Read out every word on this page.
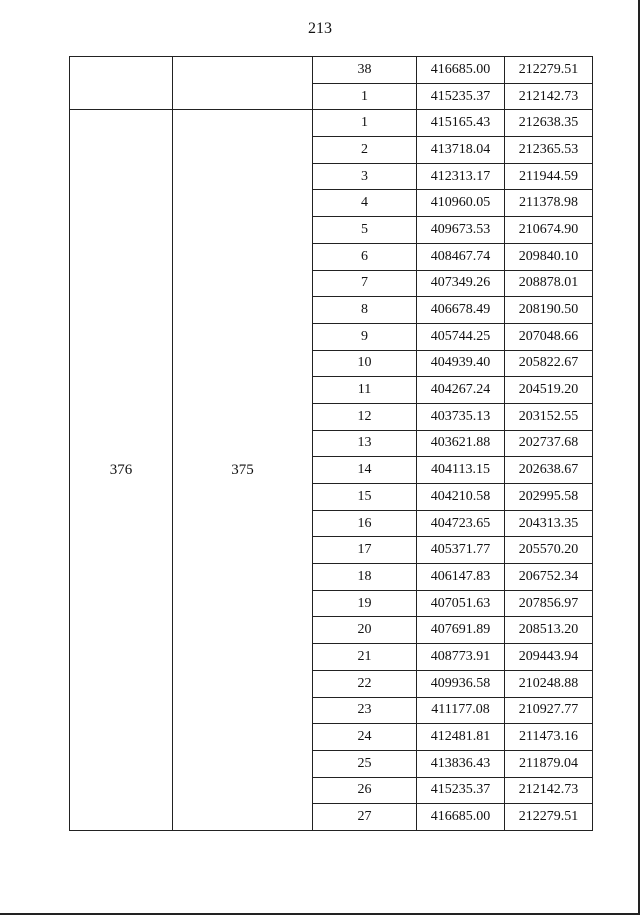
213
		38	416685.00	212279.51
		1	415235.37	212142.73
376	375	1	415165.43	212638.35
		2	413718.04	212365.53
		3	412313.17	211944.59
		4	410960.05	211378.98
		5	409673.53	210674.90
		6	408467.74	209840.10
		7	407349.26	208878.01
		8	406678.49	208190.50
		9	405744.25	207048.66
		10	404939.40	205822.67
		11	404267.24	204519.20
		12	403735.13	203152.55
		13	403621.88	202737.68
		14	404113.15	202638.67
		15	404210.58	202995.58
		16	404723.65	204313.35
		17	405371.77	205570.20
		18	406147.83	206752.34
		19	407051.63	207856.97
		20	407691.89	208513.20
		21	408773.91	209443.94
		22	409936.58	210248.88
		23	411177.08	210927.77
		24	412481.81	211473.16
		25	413836.43	211879.04
		26	415235.37	212142.73
		27	416685.00	212279.51
